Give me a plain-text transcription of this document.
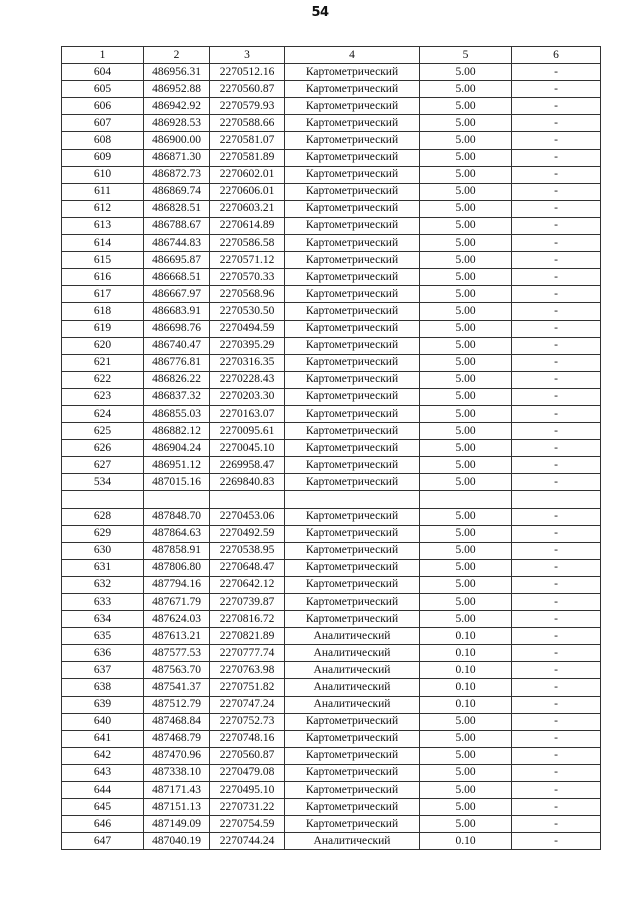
54
1	2	3	4	5	6
604	486956.31	2270512.16	Картометрический	5.00	-
605	486952.88	2270560.87	Картометрический	5.00	-
606	486942.92	2270579.93	Картометрический	5.00	-
607	486928.53	2270588.66	Картометрический	5.00	-
608	486900.00	2270581.07	Картометрический	5.00	-
609	486871.30	2270581.89	Картометрический	5.00	-
610	486872.73	2270602.01	Картометрический	5.00	-
611	486869.74	2270606.01	Картометрический	5.00	-
612	486828.51	2270603.21	Картометрический	5.00	-
613	486788.67	2270614.89	Картометрический	5.00	-
614	486744.83	2270586.58	Картометрический	5.00	-
615	486695.87	2270571.12	Картометрический	5.00	-
616	486668.51	2270570.33	Картометрический	5.00	-
617	486667.97	2270568.96	Картометрический	5.00	-
618	486683.91	2270530.50	Картометрический	5.00	-
619	486698.76	2270494.59	Картометрический	5.00	-
620	486740.47	2270395.29	Картометрический	5.00	-
621	486776.81	2270316.35	Картометрический	5.00	-
622	486826.22	2270228.43	Картометрический	5.00	-
623	486837.32	2270203.30	Картометрический	5.00	-
624	486855.03	2270163.07	Картометрический	5.00	-
625	486882.12	2270095.61	Картометрический	5.00	-
626	486904.24	2270045.10	Картометрический	5.00	-
627	486951.12	2269958.47	Картометрический	5.00	-
534	487015.16	2269840.83	Картометрический	5.00	-

628	487848.70	2270453.06	Картометрический	5.00	-
629	487864.63	2270492.59	Картометрический	5.00	-
630	487858.91	2270538.95	Картометрический	5.00	-
631	487806.80	2270648.47	Картометрический	5.00	-
632	487794.16	2270642.12	Картометрический	5.00	-
633	487671.79	2270739.87	Картометрический	5.00	-
634	487624.03	2270816.72	Картометрический	5.00	-
635	487613.21	2270821.89	Аналитический	0.10	-
636	487577.53	2270777.74	Аналитический	0.10	-
637	487563.70	2270763.98	Аналитический	0.10	-
638	487541.37	2270751.82	Аналитический	0.10	-
639	487512.79	2270747.24	Аналитический	0.10	-
640	487468.84	2270752.73	Картометрический	5.00	-
641	487468.79	2270748.16	Картометрический	5.00	-
642	487470.96	2270560.87	Картометрический	5.00	-
643	487338.10	2270479.08	Картометрический	5.00	-
644	487171.43	2270495.10	Картометрический	5.00	-
645	487151.13	2270731.22	Картометрический	5.00	-
646	487149.09	2270754.59	Картометрический	5.00	-
647	487040.19	2270744.24	Аналитический	0.10	-
